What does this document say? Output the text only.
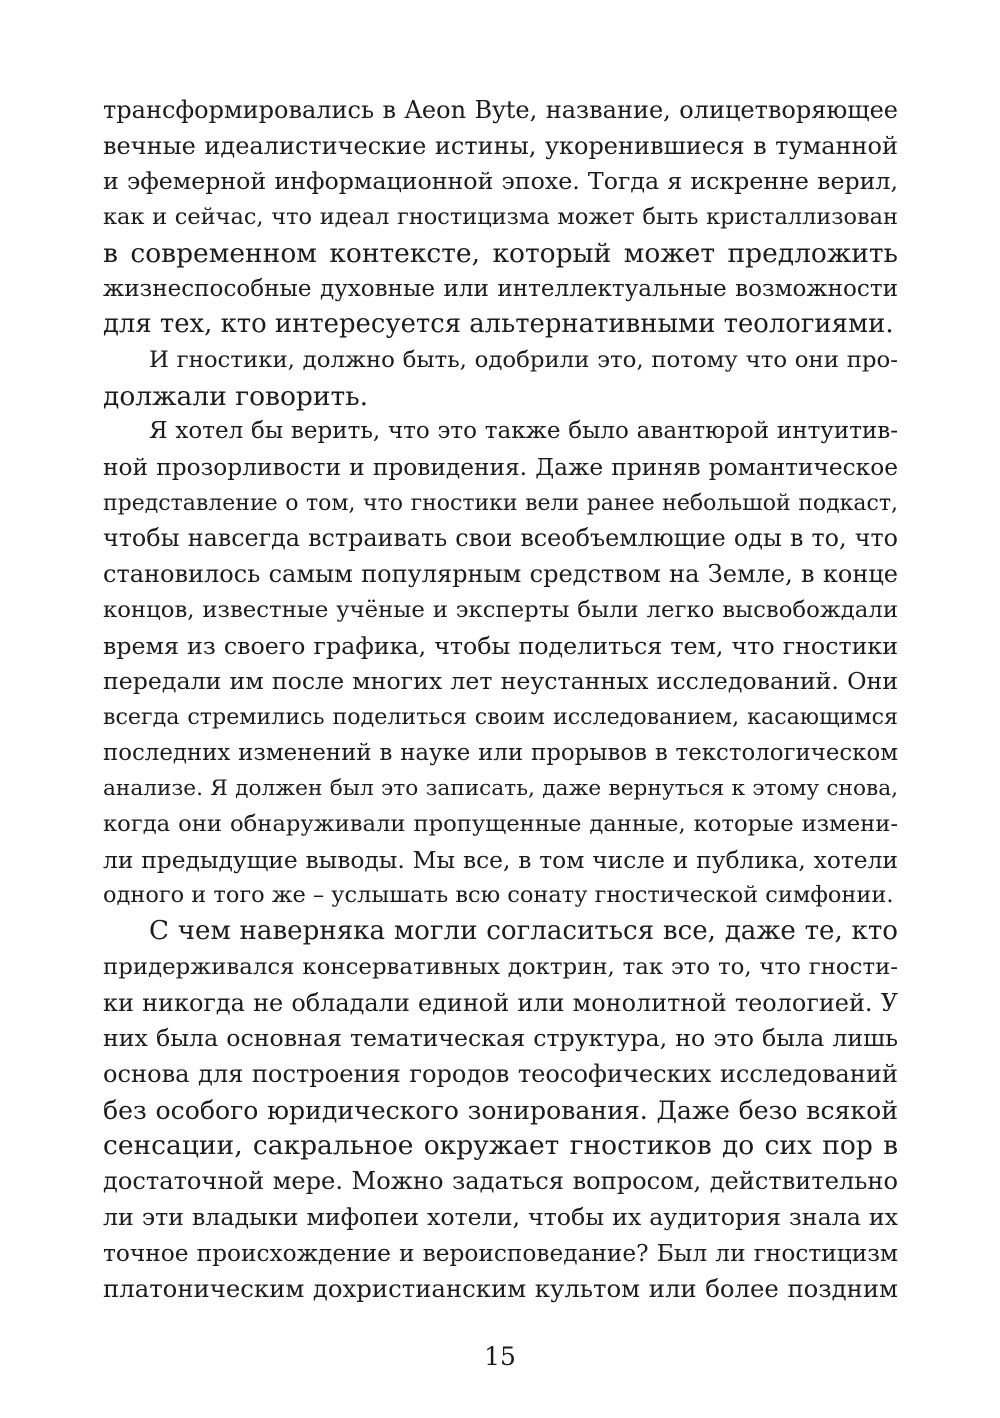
трансформировались в Aeon Byte, название, олицетворяющее
вечные идеалистические истины, укоренившиеся в туманной
и эфемерной информационной эпохе. Тогда я искренне верил,
как и сейчас, что идеал гностицизма может быть кристаллизован
в современном контексте, который может предложить
жизнеспособные духовные или интеллектуальные возможности
для тех, кто интересуется альтернативными теологиями.

И гностики, должно быть, одобрили это, потому что они про-
должали говорить.

Я хотел бы верить, что это также было авантюрой интуитив-
ной прозорливости и провидения. Даже приняв романтическое
представление о том, что гностики вели ранее небольшой подкаст,
чтобы навсегда встраивать свои всеобъемлющие оды в то, что
становилось самым популярным средством на Земле, в конце
концов, известные учёные и эксперты были легко высвобождали
время из своего графика, чтобы поделиться тем, что гностики
передали им после многих лет неустанных исследований. Они
всегда стремились поделиться своим исследованием, касающимся
последних изменений в науке или прорывов в текстологическом
анализе. Я должен был это записать, даже вернуться к этому снова,
когда они обнаруживали пропущенные данные, которые измени-
ли предыдущие выводы. Мы все, в том числе и публика, хотели
одного и того же – услышать всю сонату гностической симфонии.

С чем наверняка могли согласиться все, даже те, кто
придерживался консервативных доктрин, так это то, что гности-
ки никогда не обладали единой или монолитной теологией. У
них была основная тематическая структура, но это была лишь
основа для построения городов теософических исследований
без особого юридического зонирования. Даже безо всякой
сенсации, сакральное окружает гностиков до сих пор в
достаточной мере. Можно задаться вопросом, действительно
ли эти владыки мифопеи хотели, чтобы их аудитория знала их
точное происхождение и вероисповедание? Был ли гностицизм
платоническим дохристианским культом или более поздним

15
